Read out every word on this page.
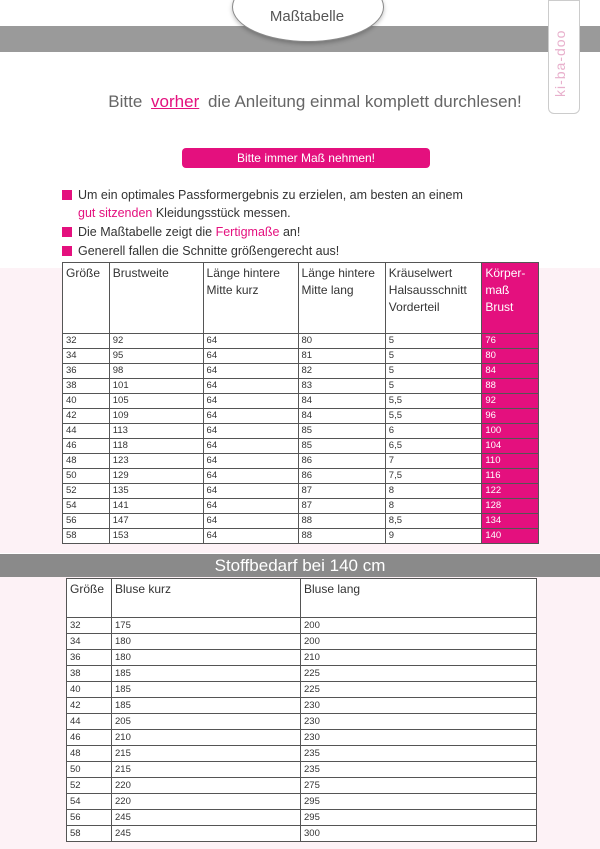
Maßtabelle
ki-ba-doo
Bitte vorher die Anleitung einmal komplett durchlesen!
Bitte immer Maß nehmen!
Um ein optimales Passformergebnis zu erzielen, am besten an einem
gut sitzenden Kleidungsstück messen.
Die Maßtabelle zeigt die Fertigmaße an!
Generell fallen die Schnitte größengerecht aus!
Größe	Brustweite	Länge hintere Mitte kurz	Länge hintere Mitte lang	Kräuselwert Halsausschnitt Vorderteil	Körper-maß Brust
32	92	64	80	5	76
34	95	64	81	5	80
36	98	64	82	5	84
38	101	64	83	5	88
40	105	64	84	5,5	92
42	109	64	84	5,5	96
44	113	64	85	6	100
46	118	64	85	6,5	104
48	123	64	86	7	110
50	129	64	86	7,5	116
52	135	64	87	8	122
54	141	64	87	8	128
56	147	64	88	8,5	134
58	153	64	88	9	140
Stoffbedarf bei 140 cm
Größe	Bluse kurz	Bluse lang
32	175	200
34	180	200
36	180	210
38	185	225
40	185	225
42	185	230
44	205	230
46	210	230
48	215	235
50	215	235
52	220	275
54	220	295
56	245	295
58	245	300
